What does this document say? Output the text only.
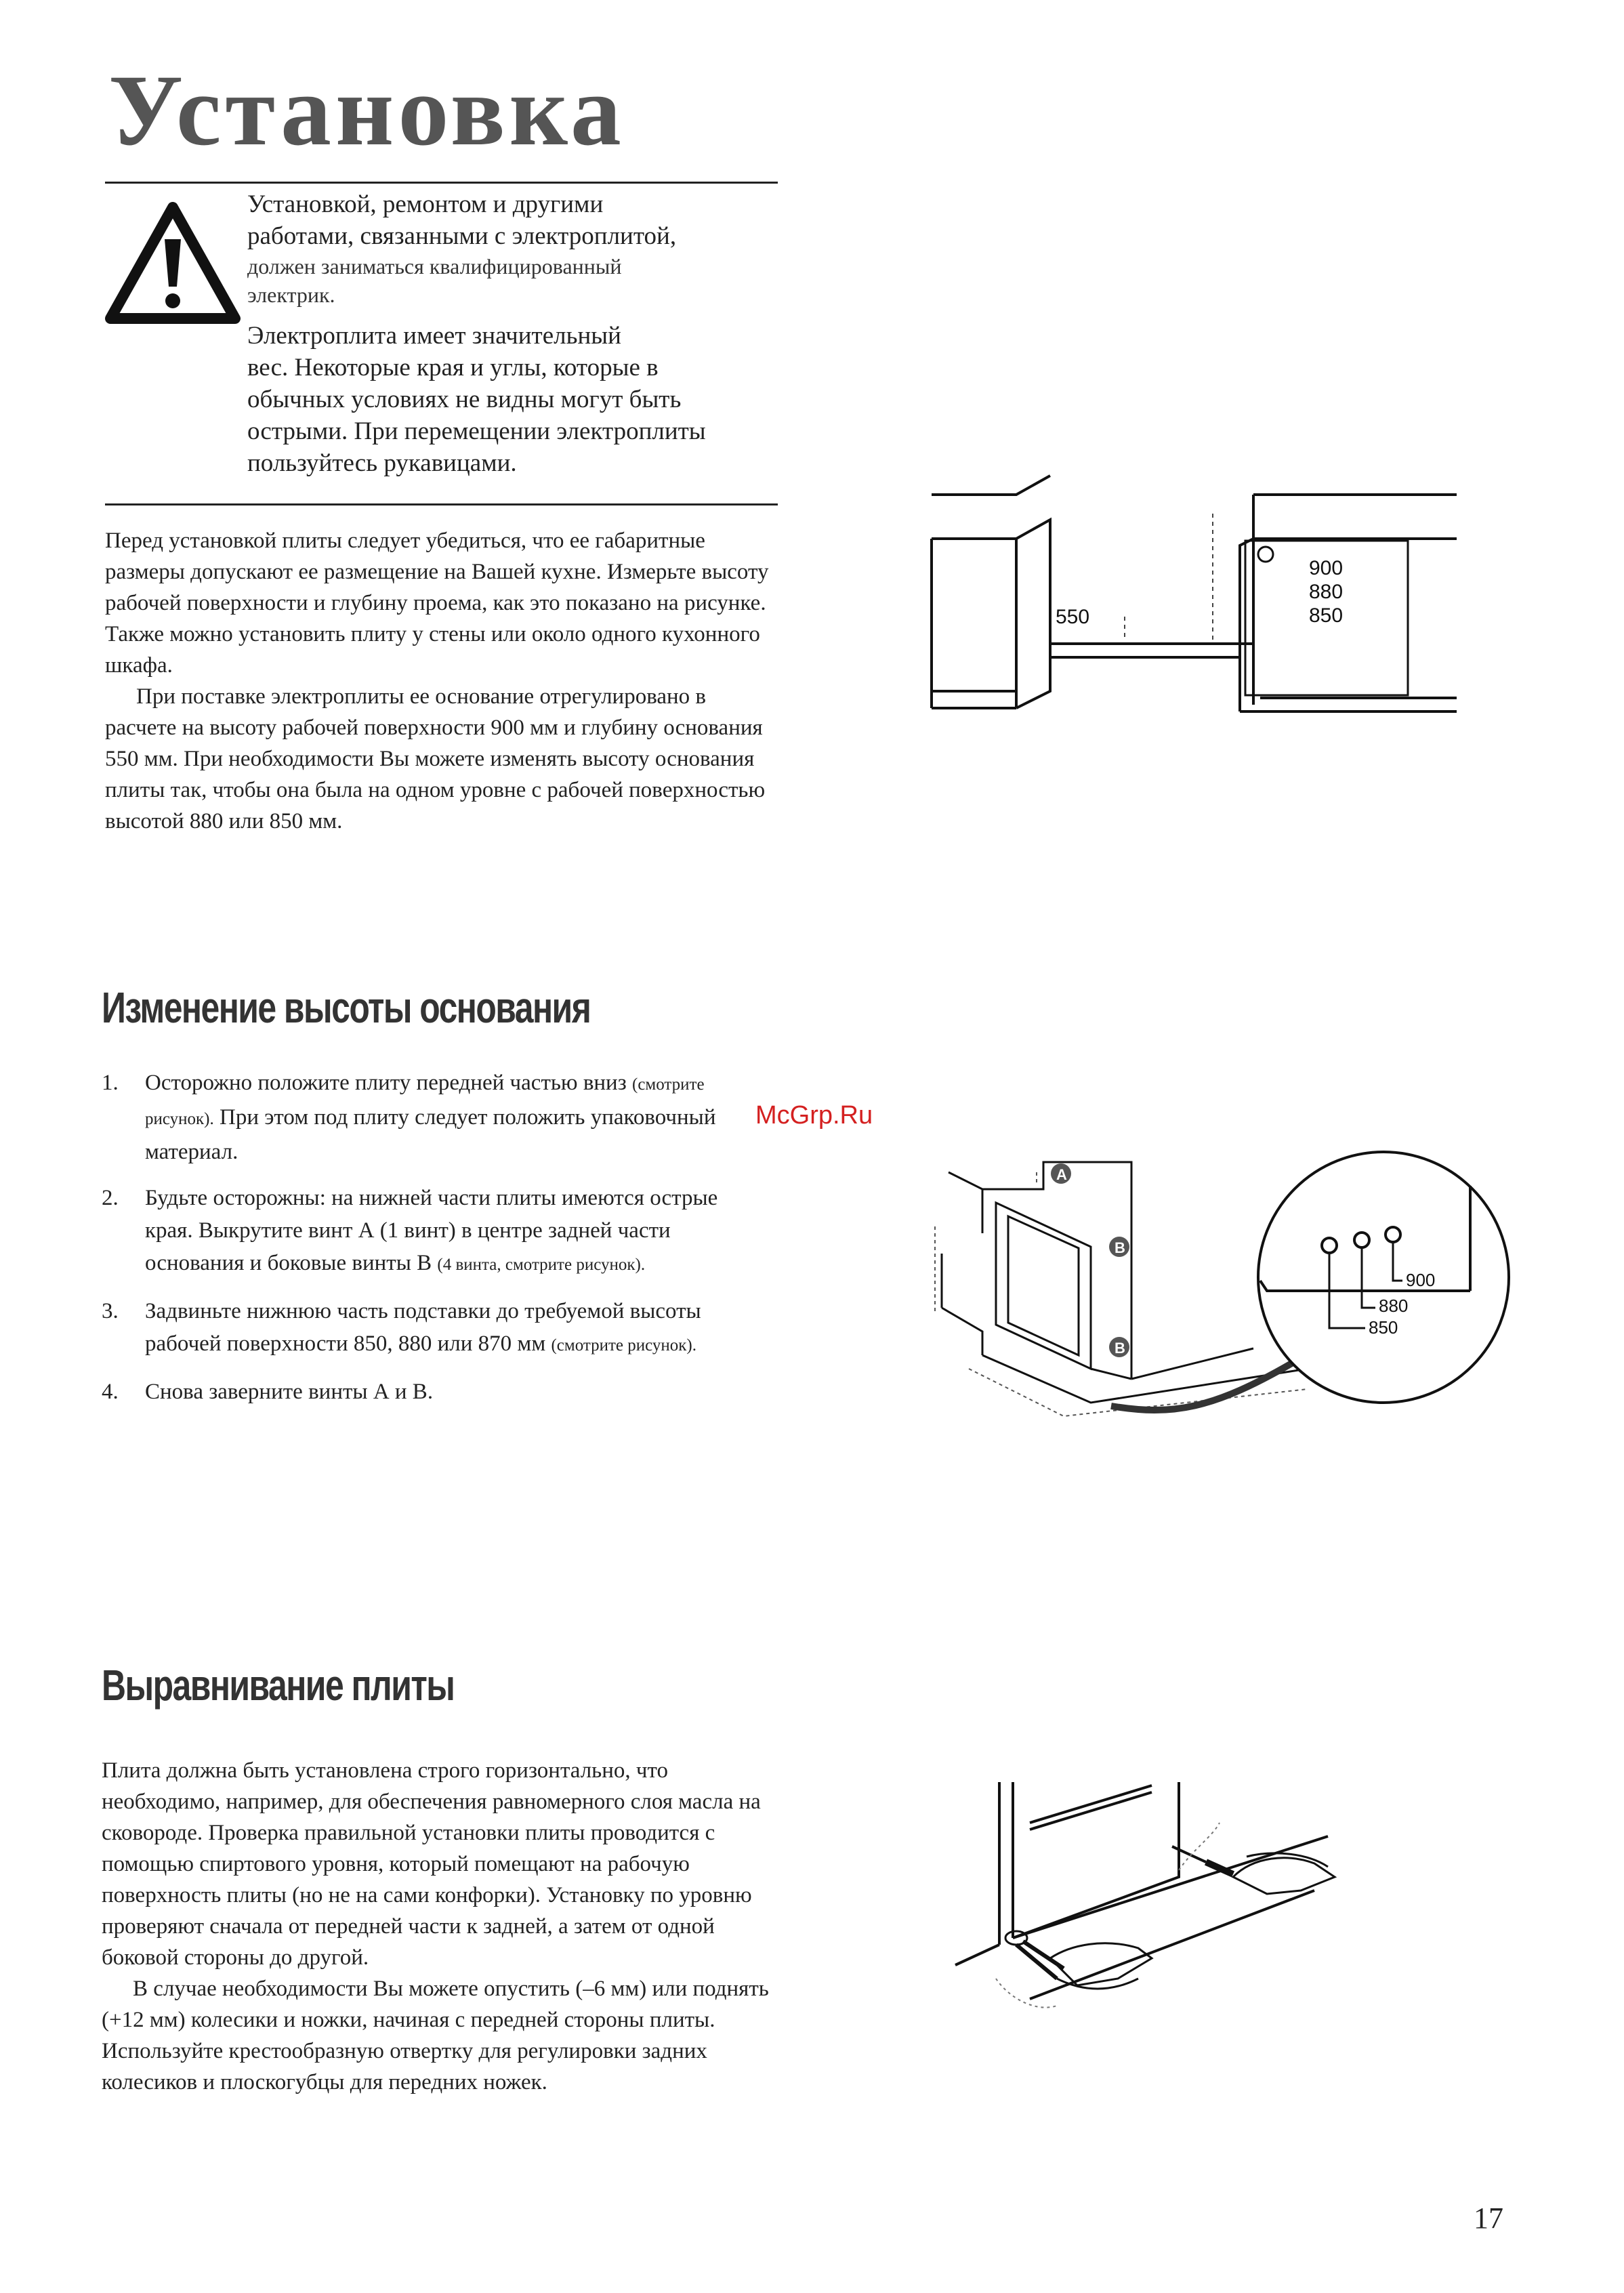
Установка
Установкой, ремонтом и другими
работами, связанными с электроплитой,
должен заниматься квалифицированный
электрик.
Электроплита имеет значительный
вес. Некоторые края и углы, которые в
обычных условиях не видны могут быть
острыми. При перемещении электроплиты
пользуйтесь рукавицами.

Перед установкой плиты следует убедиться, что ее габаритные размеры допускают ее размещение на Вашей кухне. Измерьте высоту рабочей поверхности и глубину проема, как это показано на рисунке. Также можно установить плиту у стены или около одного кухонного шкафа.

При поставке электроплиты ее основание отрегулировано в расчете на высоту рабочей поверхности 900 мм и глубину основания 550 мм. При необходимости Вы можете изменять высоту основания плиты так, чтобы она была на одном уровне с рабочей поверхностью высотой 880 или 850 мм.

900
880
850
550
Изменение высоты основания
1. Осторожно положите плиту передней частью вниз (смотрите рисунок). При этом под плиту следует положить упаковочный материал.
2. Будьте осторожны: на нижней части плиты имеются острые края. Выкрутите винт А (1 винт) в центре задней части основания и боковые винты В (4 винта, смотрите рисунок).
3. Задвиньте нижнюю часть подставки до требуемой высоты рабочей поверхности 850, 880 или 870 мм (смотрите рисунок).
4. Снова заверните винты А и В.
McGrp.Ru
A
B
B
900
880
850
Выравнивание плиты

Плита должна быть установлена строго горизонтально, что необходимо, например, для обеспечения равномерного слоя масла на сковороде. Проверка правильной установки плиты проводится с помощью спиртового уровня, который помещают на рабочую поверхность плиты (но не на сами конфорки). Установку по уровню проверяют сначала от передней части к задней, а затем от одной боковой стороны до другой.

В случае необходимости Вы можете опустить (–6 мм) или поднять (+12 мм) колесики и ножки, начиная с передней стороны плиты. Используйте крестообразную отвертку для регулировки задних колесиков и плоскогубцы для передних ножек.

17
